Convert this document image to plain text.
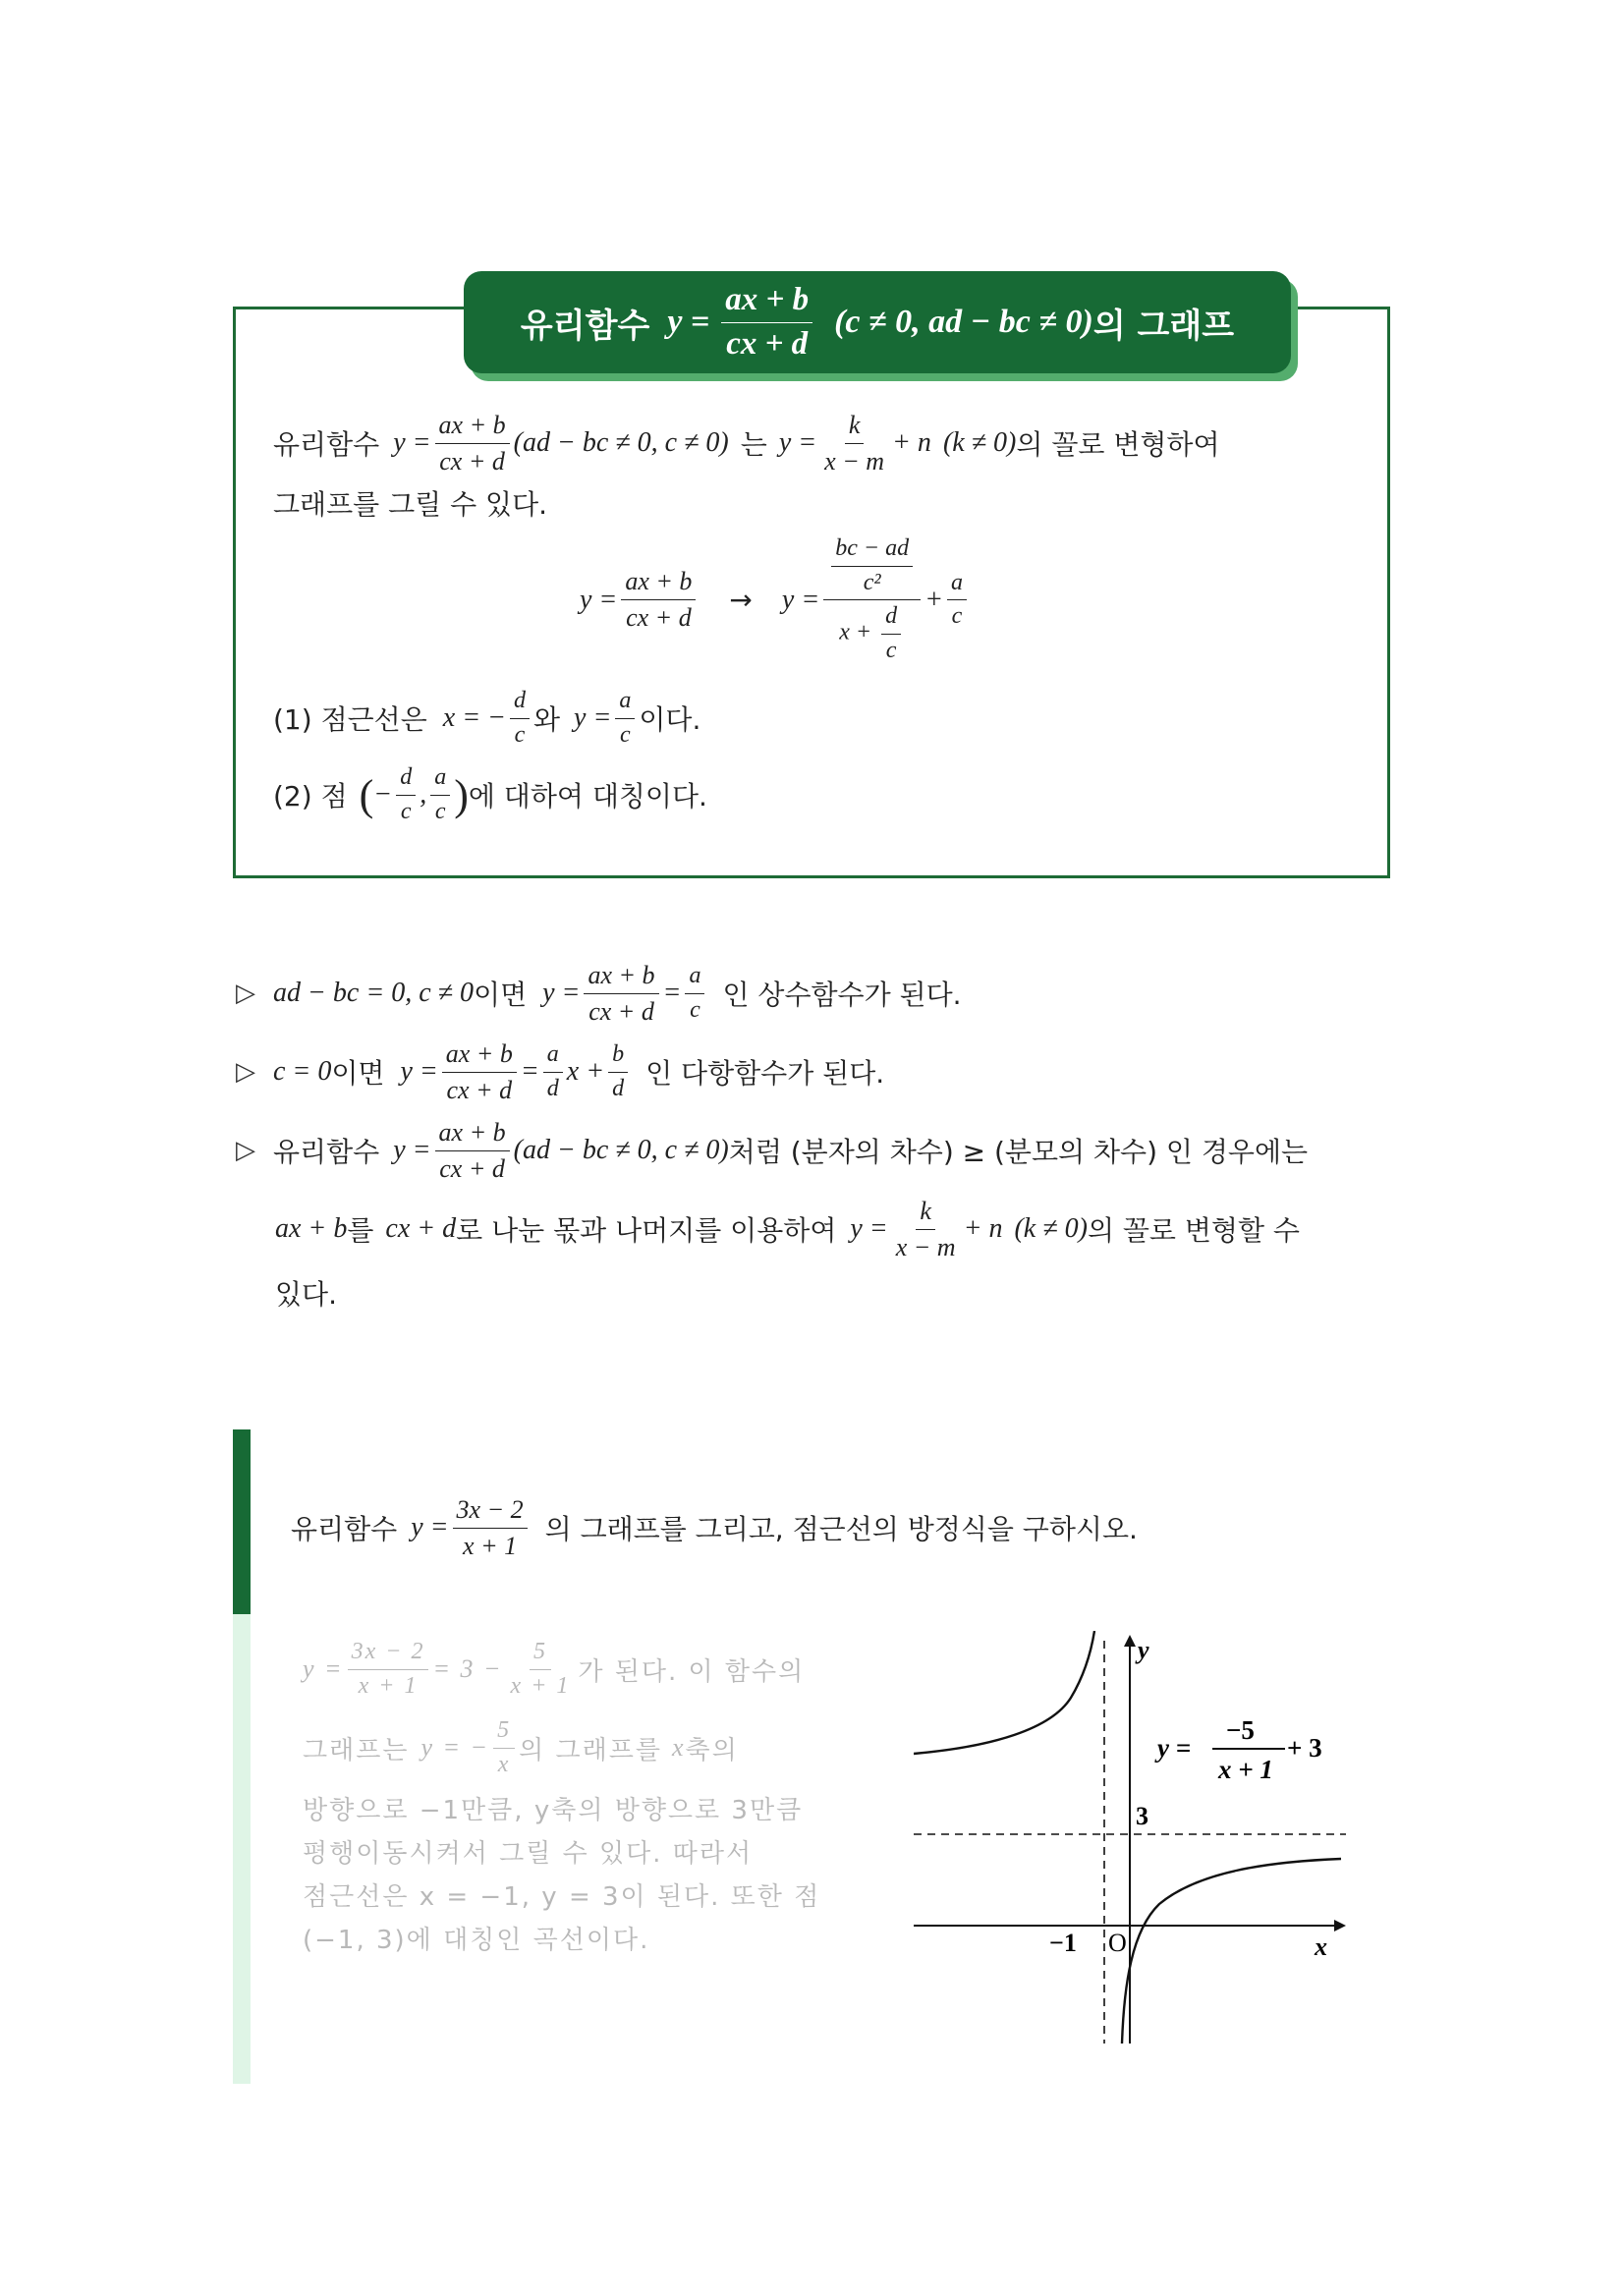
유리함수 $y = \frac{ax + b}{cx + d} (c \ne 0$, ad − bc ≠ 0) 의 그래프
유리함수 $y = \frac{ax + b}{cx + d} (ad$ − bc ≠ 0, c ≠ 0) 는 $y = \frac{k}{x - m} + n$ (k ≠ 0) 의 꼴로 변형하여
그래프를 그릴 수 있다.
$y = \frac{ax + b}{cx + d} \to y = \frac{\frac{bc - ad}{\text{c²}}}{x + \frac{d}{c}} + \frac{a}{c}$
(1) 점근선은 x = − $\frac{d}{c}$ 와 $y = \frac{a}{c}$ 이다.
(2) 점 ( − $\frac{d}{c}$ , $\frac{a}{c}$ ) 에 대하여 대칭이다.
▷ ad − bc = 0, c ≠ 0 이면 $y = \frac{ax + b}{cx + d} = \frac{a}{c}$ 인 상수함수가 된다.
▷ c = 0 이면 $y = \frac{ax + b}{cx + d} = \frac{a}{d}$ $x + \frac{b}{d}$ 인 다항함수가 된다.
▷ 유리함수 $y = \frac{ax + b}{cx + d} (ad$ − bc ≠ 0, c ≠ 0) 처럼 (분자의 차수) ≥ (분모의 차수) 인 경우에는
ax + b 를 cx + d 로 나눈 몫과 나머지를 이용하여 $y = \frac{k}{x - m} + n$ (k ≠ 0) 의 꼴로 변형할 수
있다.
유리함수 $y = \frac{3x - 2}{x + 1}$ 의 그래프를 그리고, 점근선의 방정식을 구하시오.
$y = \frac{3x - 2}{x + 1} = 3 - \frac{5}{x + 1}$ 가 된다. 이 함수의
그래프는 y = − $\frac{5}{x}$ 의 그래프를 x 축의
방향으로 −1만큼, y축의 방향으로 3만큼
평행이동시켜서 그릴 수 있다. 따라서
점근선은 x = −1, y = 3이 된다. 또한 점
(−1, 3)에 대칭인 곡선이다.
y
x
3
−1 O
y =
−5
x + 1
+ 3
